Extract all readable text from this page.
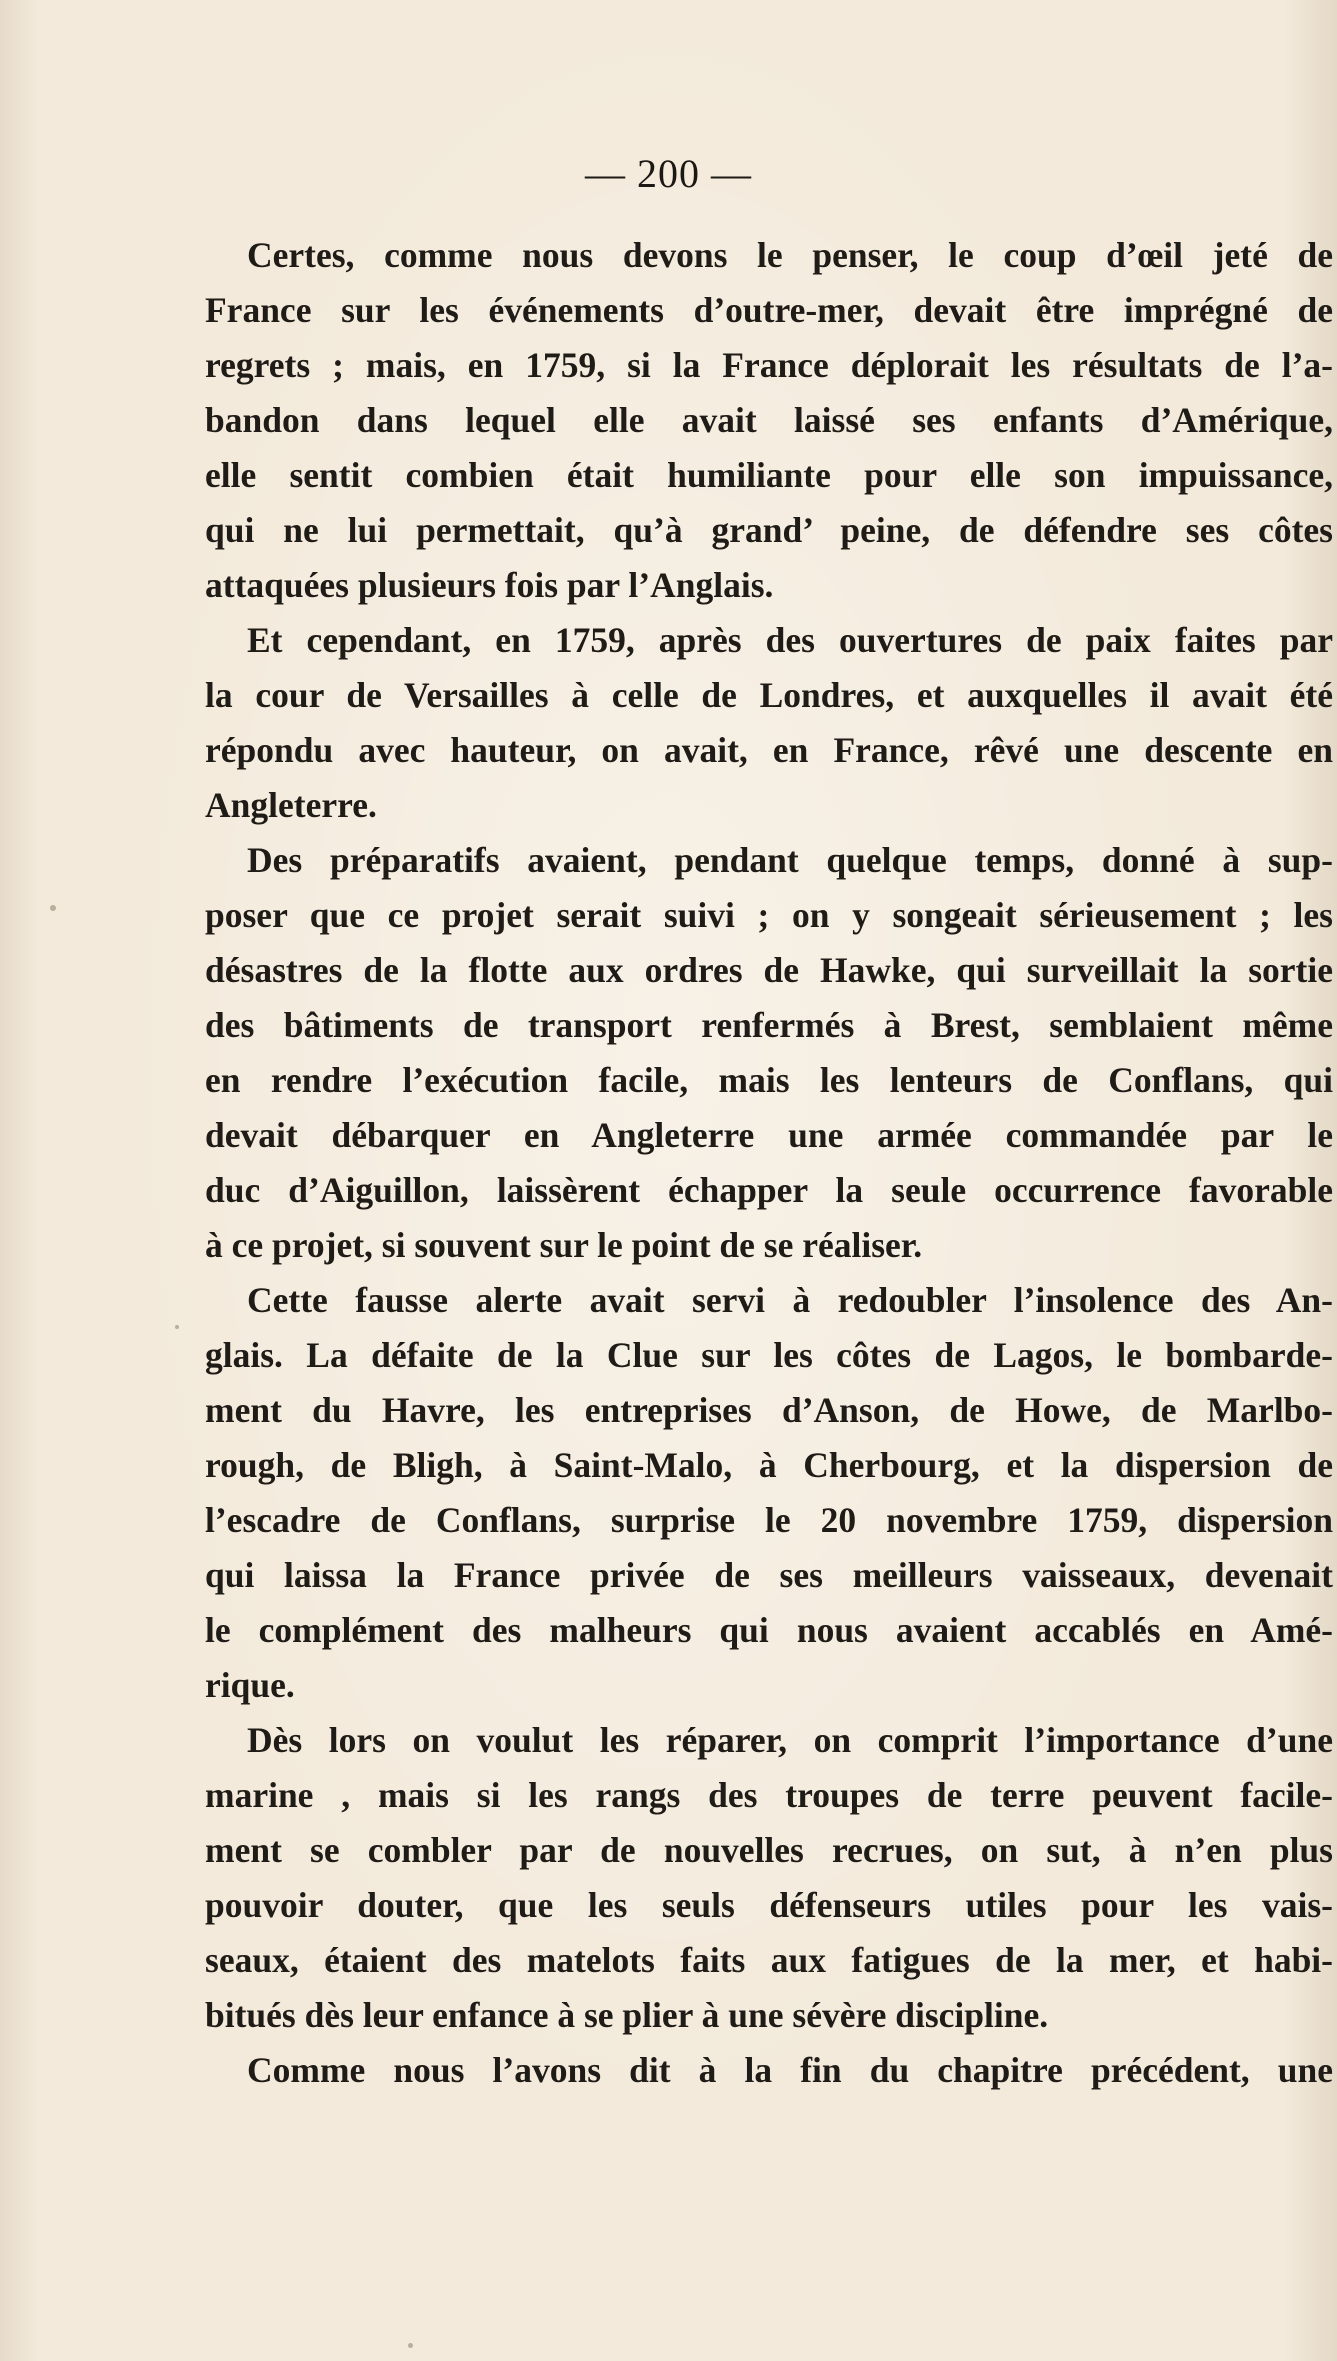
— 200 —
Certes, comme nous devons le penser, le coup d’œil jeté de
France sur les événements d’outre-mer, devait être imprégné de
regrets ; mais, en 1759, si la France déplorait les résultats de l’a-
bandon dans lequel elle avait laissé ses enfants d’Amérique,
elle sentit combien était humiliante pour elle son impuissance,
qui ne lui permettait, qu’à grand’ peine, de défendre ses côtes
attaquées plusieurs fois par l’Anglais.
Et cependant, en 1759, après des ouvertures de paix faites par
la cour de Versailles à celle de Londres, et auxquelles il avait été
répondu avec hauteur, on avait, en France, rêvé une descente en
Angleterre.
Des préparatifs avaient, pendant quelque temps, donné à sup-
poser que ce projet serait suivi ; on y songeait sérieusement ; les
désastres de la flotte aux ordres de Hawke, qui surveillait la sortie
des bâtiments de transport renfermés à Brest, semblaient même
en rendre l’exécution facile, mais les lenteurs de Conflans, qui
devait débarquer en Angleterre une armée commandée par le
duc d’Aiguillon, laissèrent échapper la seule occurrence favorable
à ce projet, si souvent sur le point de se réaliser.
Cette fausse alerte avait servi à redoubler l’insolence des An-
glais. La défaite de la Clue sur les côtes de Lagos, le bombarde-
ment du Havre, les entreprises d’Anson, de Howe, de Marlbo-
rough, de Bligh, à Saint-Malo, à Cherbourg, et la dispersion de
l’escadre de Conflans, surprise le 20 novembre 1759, dispersion
qui laissa la France privée de ses meilleurs vaisseaux, devenait
le complément des malheurs qui nous avaient accablés en Amé-
rique.
Dès lors on voulut les réparer, on comprit l’importance d’une
marine , mais si les rangs des troupes de terre peuvent facile-
ment se combler par de nouvelles recrues, on sut, à n’en plus
pouvoir douter, que les seuls défenseurs utiles pour les vais-
seaux, étaient des matelots faits aux fatigues de la mer, et habi-
bitués dès leur enfance à se plier à une sévère discipline.
Comme nous l’avons dit à la fin du chapitre précédent, une
